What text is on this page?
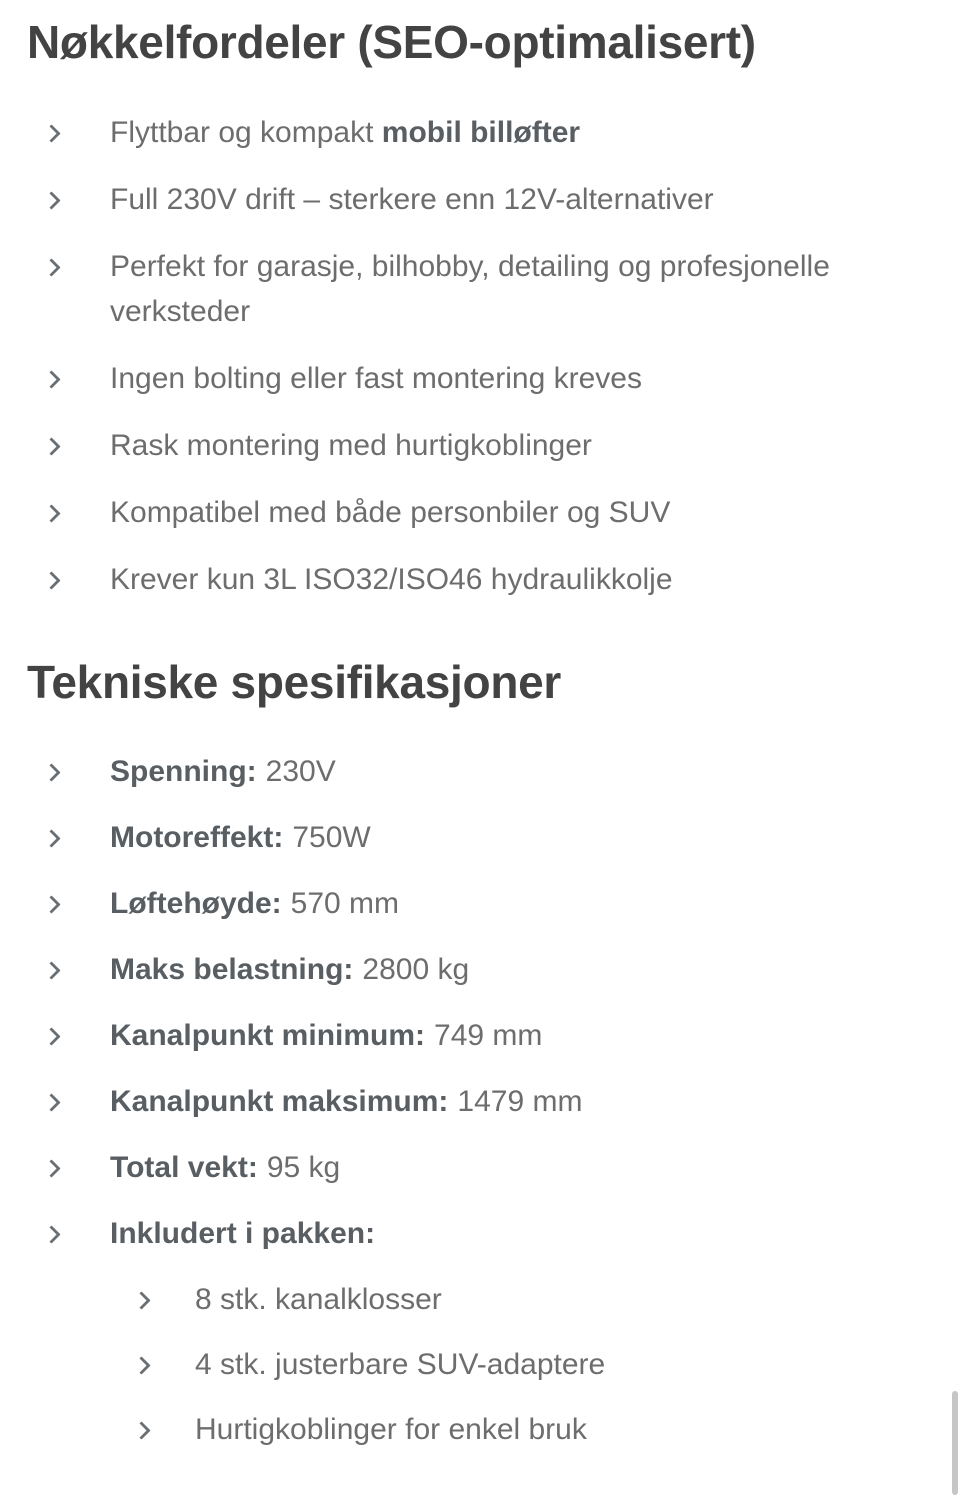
Nøkkelfordeler (SEO-optimalisert)
Flyttbar og kompakt mobil billøfter
Full 230V drift – sterkere enn 12V-alternativer
Perfekt for garasje, bilhobby, detailing og profesjonelle verksteder
Ingen bolting eller fast montering kreves
Rask montering med hurtigkoblinger
Kompatibel med både personbiler og SUV
Krever kun 3L ISO32/ISO46 hydraulikkolje
Tekniske spesifikasjoner
Spenning: 230V
Motoreffekt: 750W
Løftehøyde: 570 mm
Maks belastning: 2800 kg
Kanalpunkt minimum: 749 mm
Kanalpunkt maksimum: 1479 mm
Total vekt: 95 kg
Inkludert i pakken:
8 stk. kanalklosser
4 stk. justerbare SUV-adaptere
Hurtigkoblinger for enkel bruk
